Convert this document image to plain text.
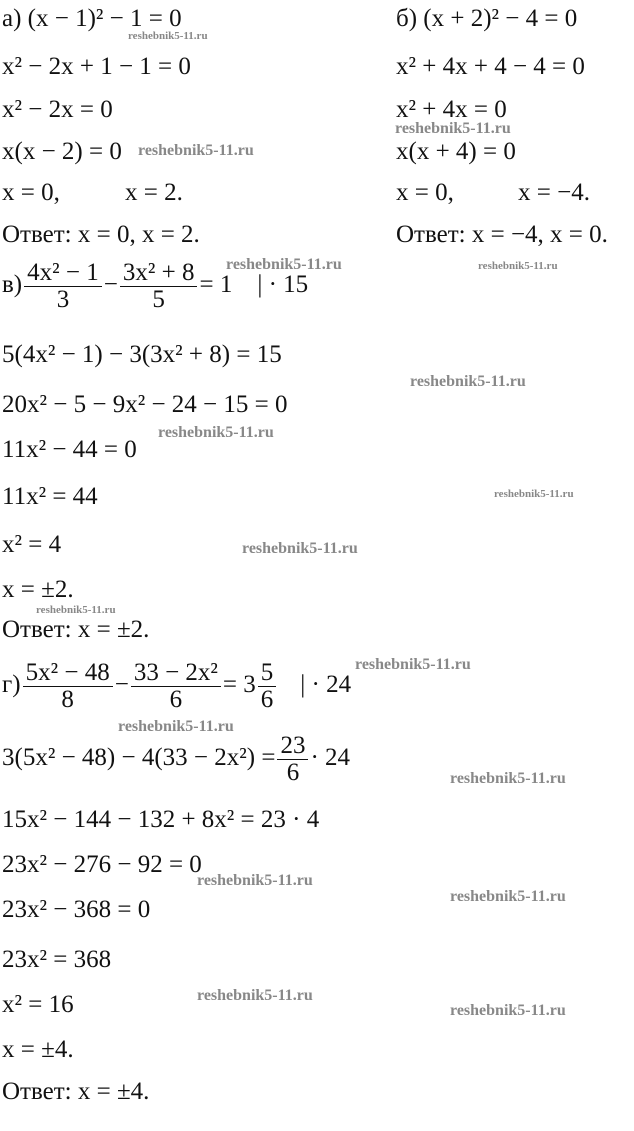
а) (x − 1)² − 1 = 0
x² − 2x + 1 − 1 = 0
x² − 2x = 0
x(x − 2) = 0
x = 0,	x = 2.
Ответ: x = 0, x = 2.
б) (x + 2)² − 4 = 0
x² + 4x + 4 − 4 = 0
x² + 4x = 0
x(x + 4) = 0
x = 0,	x = −4.
Ответ: x = −4, x = 0.
$в) \frac{\text{4x² − 1}}{3} - \frac{\text{3x² + 8}}{5} = 1$    | · 15
5(4x² − 1) − 3(3x² + 8) = 15
20x² − 5 − 9x² − 24 − 15 = 0
11x² − 44 = 0
11x² = 44
x² = 4
x = ±2.
Ответ: x = ±2.
$г) \frac{\text{5x² − 48}}{8} - \frac{\text{33 − 2x²}}{6} = 3 \frac{5}{6}$ | · 24
$3(5x^2 - 48) - 4(33 - 2x^2) = \frac{23}{6} \cdot 24$
15x² − 144 − 132 + 8x² = 23 · 4
23x² − 276 − 92 = 0
23x² − 368 = 0
23x² = 368
x² = 16
x = ±4.
Ответ: x = ±4.
reshebnik5-11.ru
reshebnik5-11.ru
reshebnik5-11.ru
reshebnik5-11.ru	reshebnik5-11.ru
reshebnik5-11.ru
reshebnik5-11.ru
reshebnik5-11.ru
reshebnik5-11.ru
reshebnik5-11.ru
reshebnik5-11.ru
reshebnik5-11.ru
reshebnik5-11.ru
reshebnik5-11.ru
reshebnik5-11.ru
reshebnik5-11.ru
reshebnik5-11.ru
